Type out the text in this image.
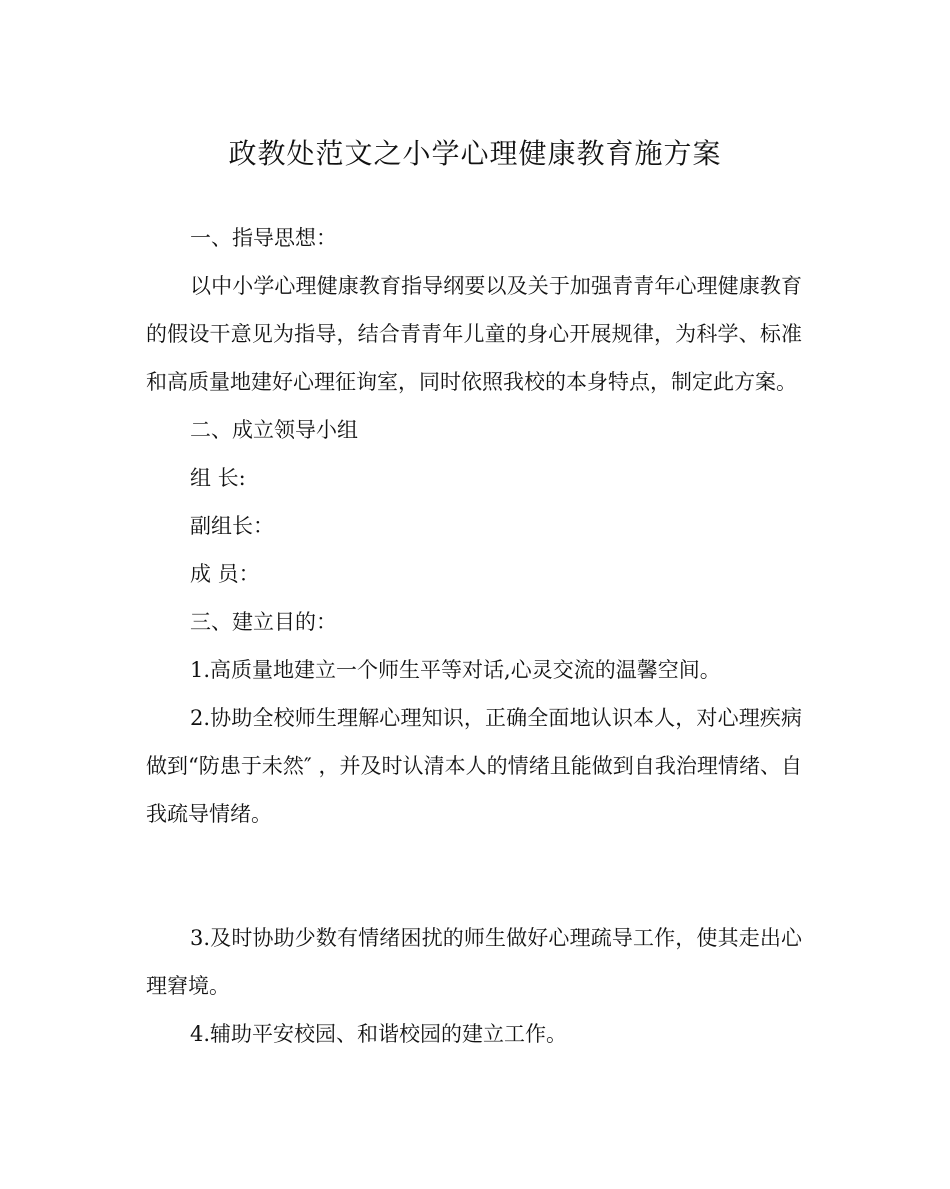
政教处范文之小学心理健康教育施方案

一、指导思想：

以中小学心理健康教育指导纲要以及关于加强青青年心理健康教育的假设干意见为指导，结合青青年儿童的身心开展规律，为科学、标准和高质量地建好心理征询室，同时依照我校的本身特点，制定此方案。

二、成立领导小组

组 长:

副组长：

成 员：

三、建立目的：

1.高质量地建立一个师生平等对话,心灵交流的温馨空间。

2.协助全校师生理解心理知识，正确全面地认识本人，对心理疾病做到“防患于未然″ ，并及时认清本人的情绪且能做到自我治理情绪、自我疏导情绪。

3.及时协助少数有情绪困扰的师生做好心理疏导工作，使其走出心理窘境。

4.辅助平安校园、和谐校园的建立工作。
